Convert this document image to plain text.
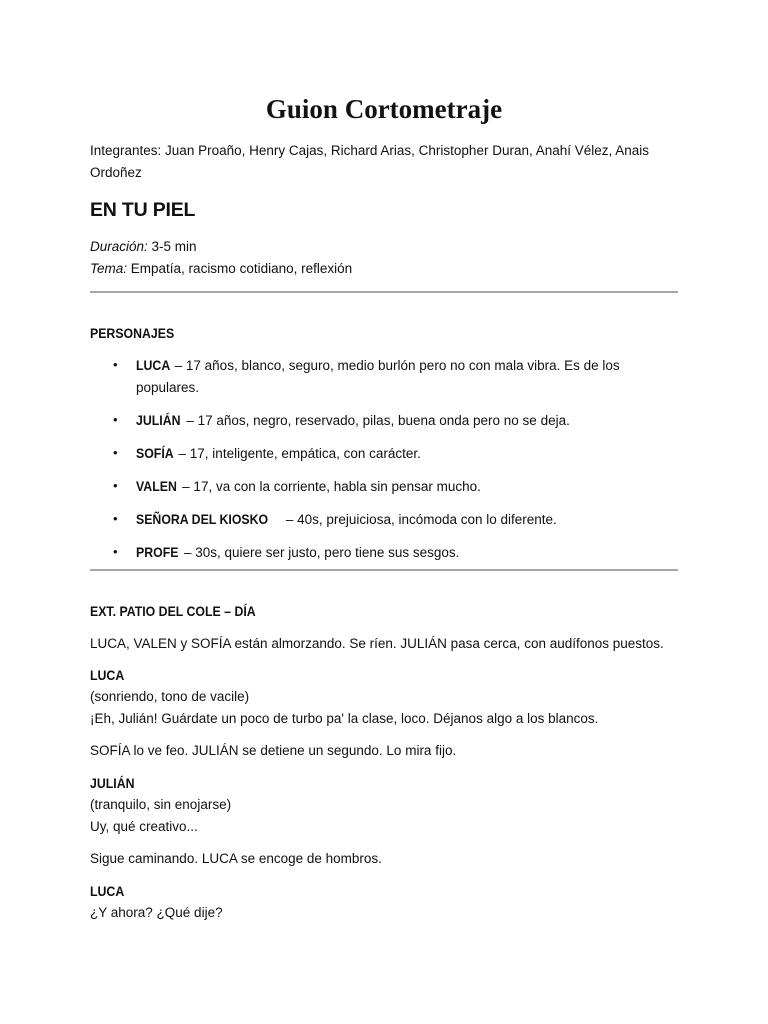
Guion Cortometraje

Integrantes: Juan Proaño, Henry Cajas, Richard Arias, Christopher Duran, Anahí Vélez, Anais Ordoñez

EN TU PIEL

Duración: 3-5 min

Tema: Empatía, racismo cotidiano, reflexión

PERSONAJES

• LUCA – 17 años, blanco, seguro, medio burlón pero no con mala vibra. Es de los populares.
• JULIÁN – 17 años, negro, reservado, pilas, buena onda pero no se deja.
• SOFÍA – 17, inteligente, empática, con carácter.
• VALEN – 17, va con la corriente, habla sin pensar mucho.
• SEÑORA DEL KIOSKO – 40s, prejuiciosa, incómoda con lo diferente.
• PROFE – 30s, quiere ser justo, pero tiene sus sesgos.

EXT. PATIO DEL COLE – DÍA

LUCA, VALEN y SOFÍA están almorzando. Se ríen. JULIÁN pasa cerca, con audífonos puestos.

LUCA

(sonriendo, tono de vacile)

¡Eh, Julián! Guárdate un poco de turbo pa' la clase, loco. Déjanos algo a los blancos.

SOFÍA lo ve feo. JULIÁN se detiene un segundo. Lo mira fijo.

JULIÁN

(tranquilo, sin enojarse)

Uy, qué creativo...

Sigue caminando. LUCA se encoge de hombros.

LUCA

¿Y ahora? ¿Qué dije?
